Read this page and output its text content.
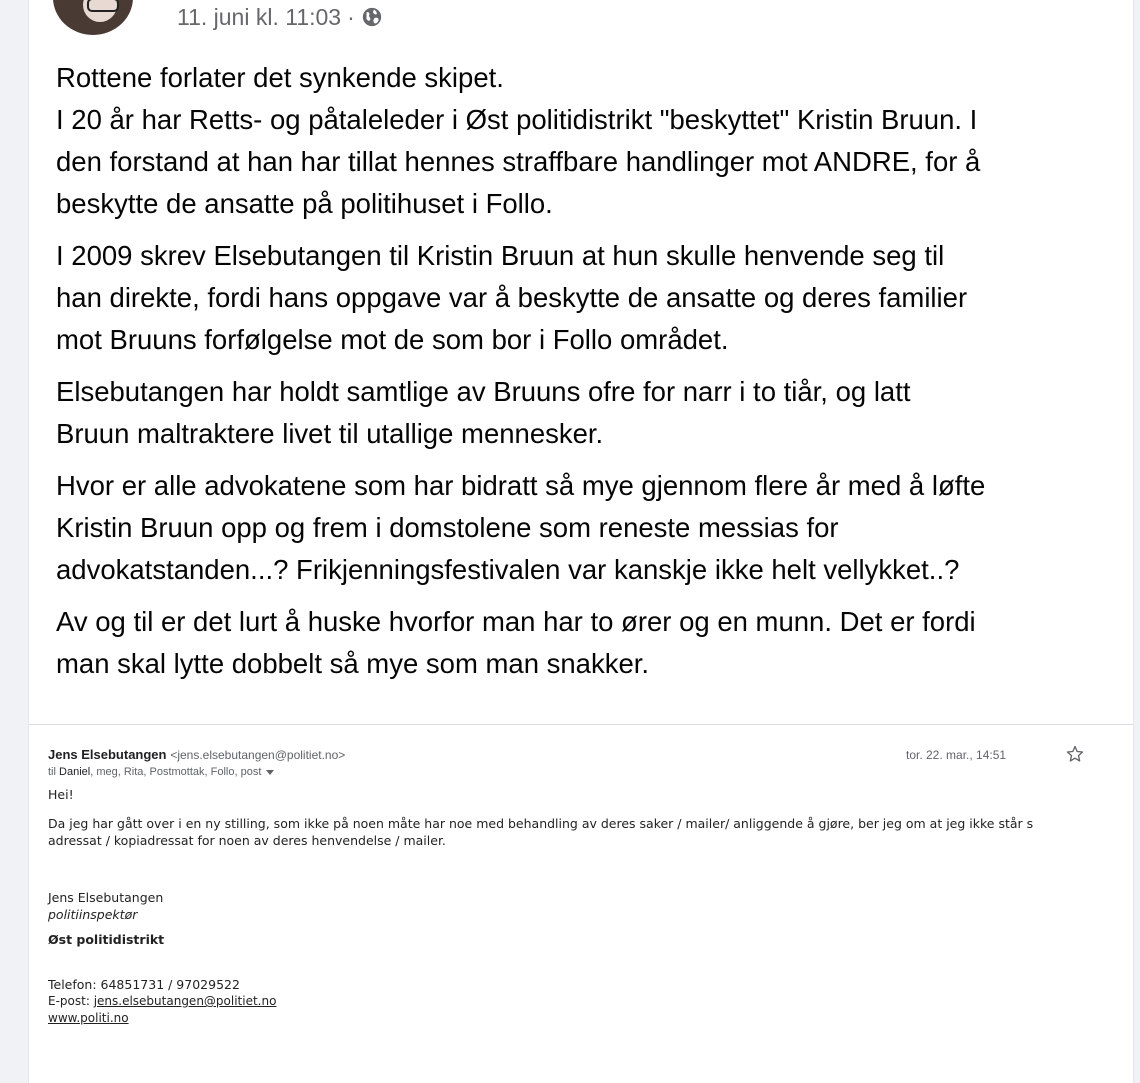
11. juni kl. 11:03 ·

Rottene forlater det synkende skipet.
I 20 år har Retts- og påtaleleder i Øst politidistrikt "beskyttet" Kristin Bruun. I
den forstand at han har tillat hennes straffbare handlinger mot ANDRE, for å
beskytte de ansatte på politihuset i Follo.

I 2009 skrev Elsebutangen til Kristin Bruun at hun skulle henvende seg til
han direkte, fordi hans oppgave var å beskytte de ansatte og deres familier
mot Bruuns forfølgelse mot de som bor i Follo området.

Elsebutangen har holdt samtlige av Bruuns ofre for narr i to tiår, og latt
Bruun maltraktere livet til utallige mennesker.

Hvor er alle advokatene som har bidratt så mye gjennom flere år med å løfte
Kristin Bruun opp og frem i domstolene som reneste messias for
advokatstanden...? Frikjenningsfestivalen var kanskje ikke helt vellykket..?

Av og til er det lurt å huske hvorfor man har to ører og en munn. Det er fordi
man skal lytte dobbelt så mye som man snakker.

Jens Elsebutangen <jens.elsebutangen@politiet.no>
til Daniel, meg, Rita, Postmottak, Follo, post
Hei!
Da jeg har gått over i en ny stilling, som ikke på noen måte har noe med behandling av deres saker / mailer/ anliggende å gjøre, ber jeg om at jeg ikke står s
adressat / kopiadressat for noen av deres henvendelse / mailer.
Jens Elsebutangen
politiinspektør
Øst politidistrikt
Telefon: 64851731 / 97029522
E-post: jens.elsebutangen@politiet.no
www.politi.no
tor. 22. mar., 14:51
